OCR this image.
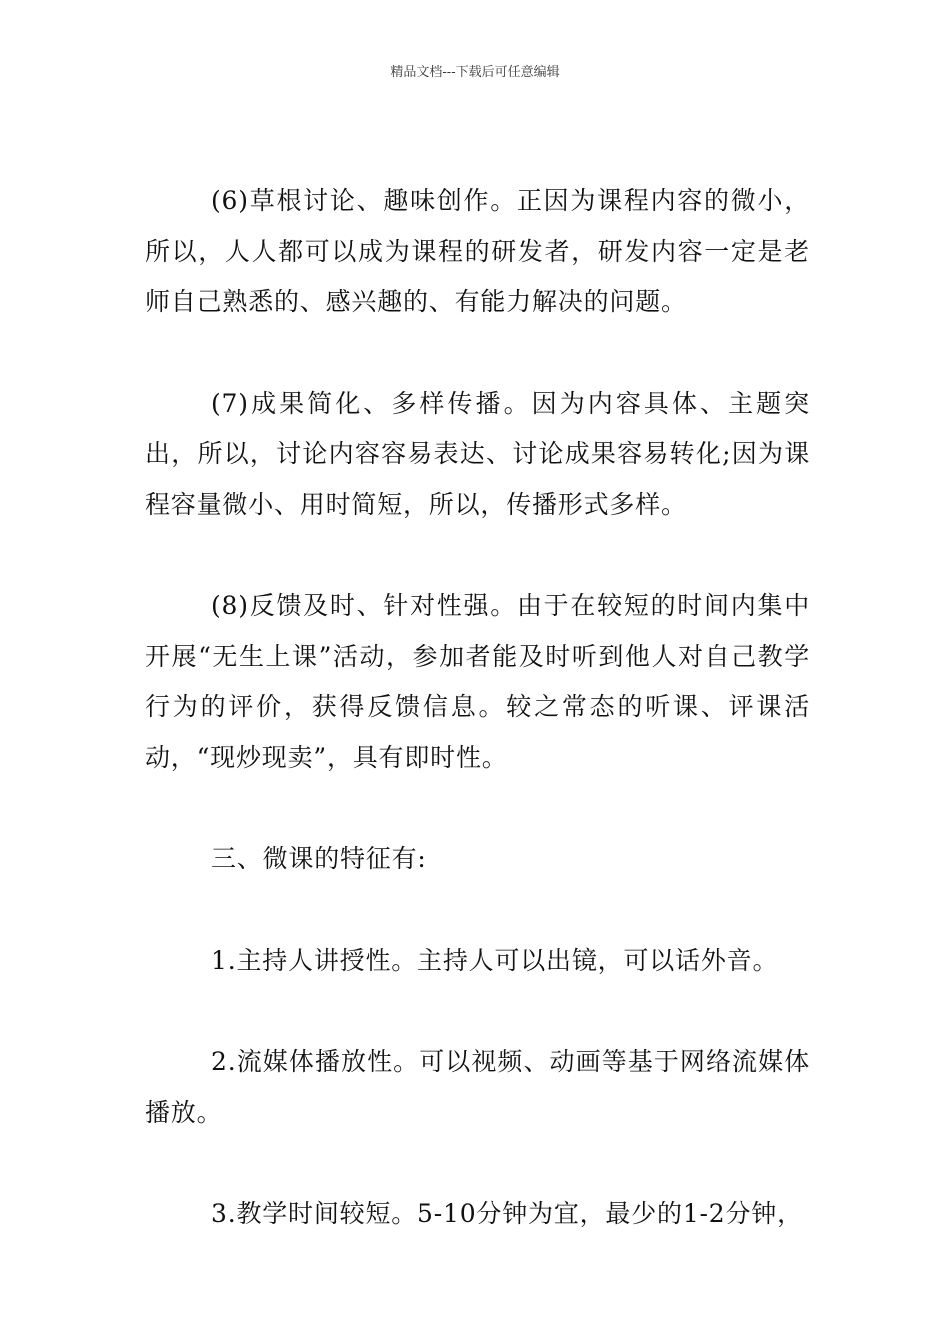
精品文档---下载后可任意编辑

(6)草根讨论、趣味创作。正因为课程内容的微小，所以，人人都可以成为课程的研发者，研发内容一定是老师自己熟悉的、感兴趣的、有能力解决的问题。

(7)成果简化、多样传播。因为内容具体、主题突出，所以，讨论内容容易表达、讨论成果容易转化;因为课程容量微小、用时简短，所以，传播形式多样。

(8)反馈及时、针对性强。由于在较短的时间内集中开展“无生上课”活动，参加者能及时听到他人对自己教学行为的评价，获得反馈信息。较之常态的听课、评课活动，“现炒现卖”，具有即时性。

三、微课的特征有:

1.主持人讲授性。主持人可以出镜，可以话外音。

2.流媒体播放性。可以视频、动画等基于网络流媒体播放。

3.教学时间较短。5-10分钟为宜，最少的1-2分钟，
